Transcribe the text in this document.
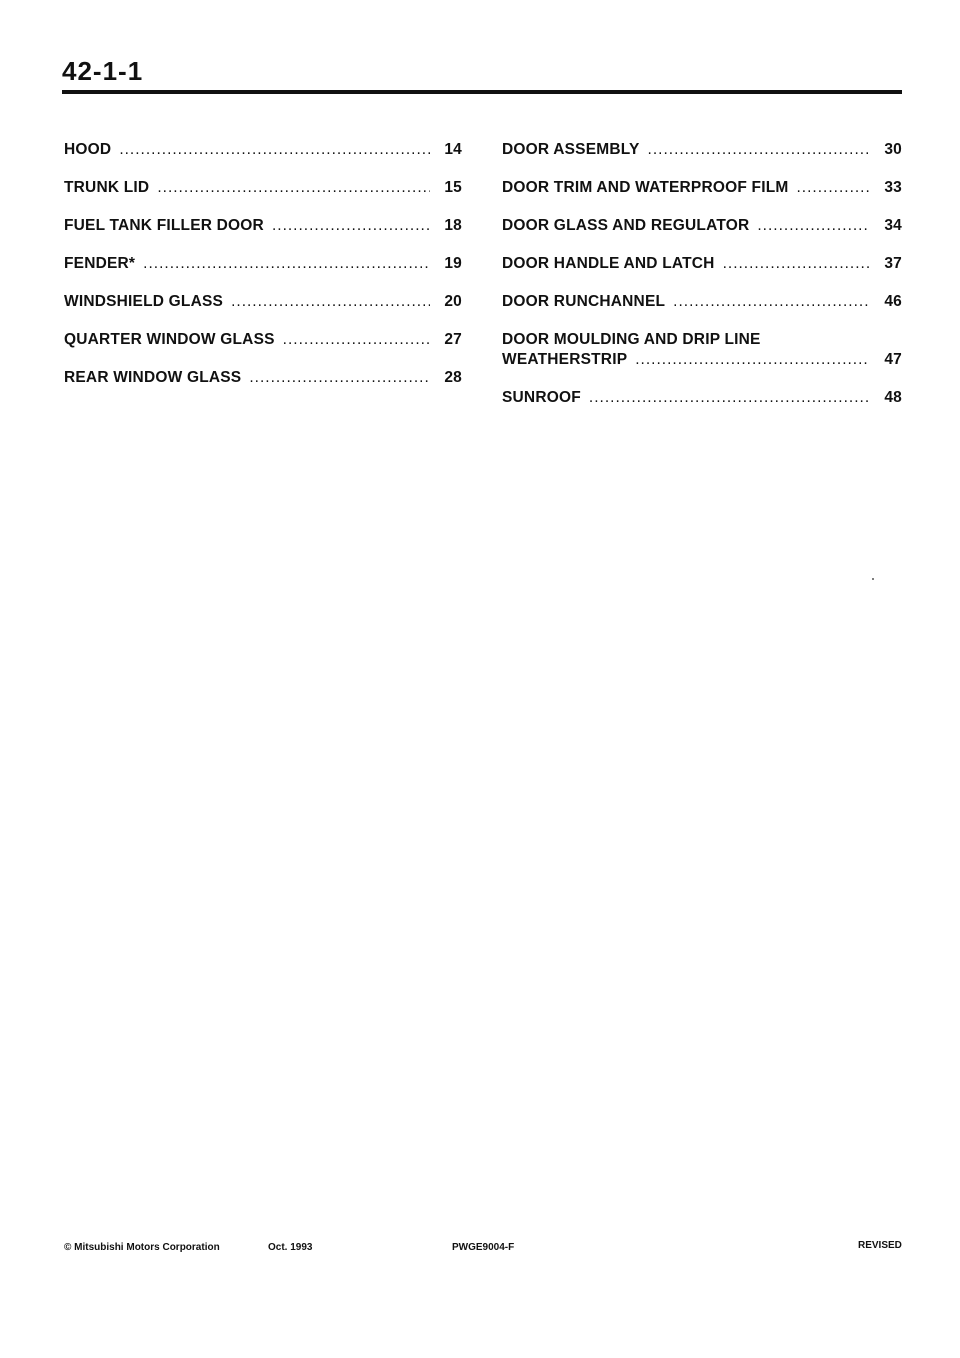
42-1-1
HOOD .....	14
TRUNK LID .....	15
FUEL TANK FILLER DOOR .....	18
FENDER* .....	19
WINDSHIELD GLASS .....	20
QUARTER WINDOW GLASS .....	27
REAR WINDOW GLASS .....	28
DOOR ASSEMBLY .....	30
DOOR TRIM AND WATERPROOF FILM .....	33
DOOR GLASS AND REGULATOR .....	34
DOOR HANDLE AND LATCH .....	37
DOOR RUNCHANNEL .....	46
DOOR MOULDING AND DRIP LINE
WEATHERSTRIP .....	47
SUNROOF .....	48
© Mitsubishi Motors Corporation	Oct. 1993	PWGE9004-F	REVISED
